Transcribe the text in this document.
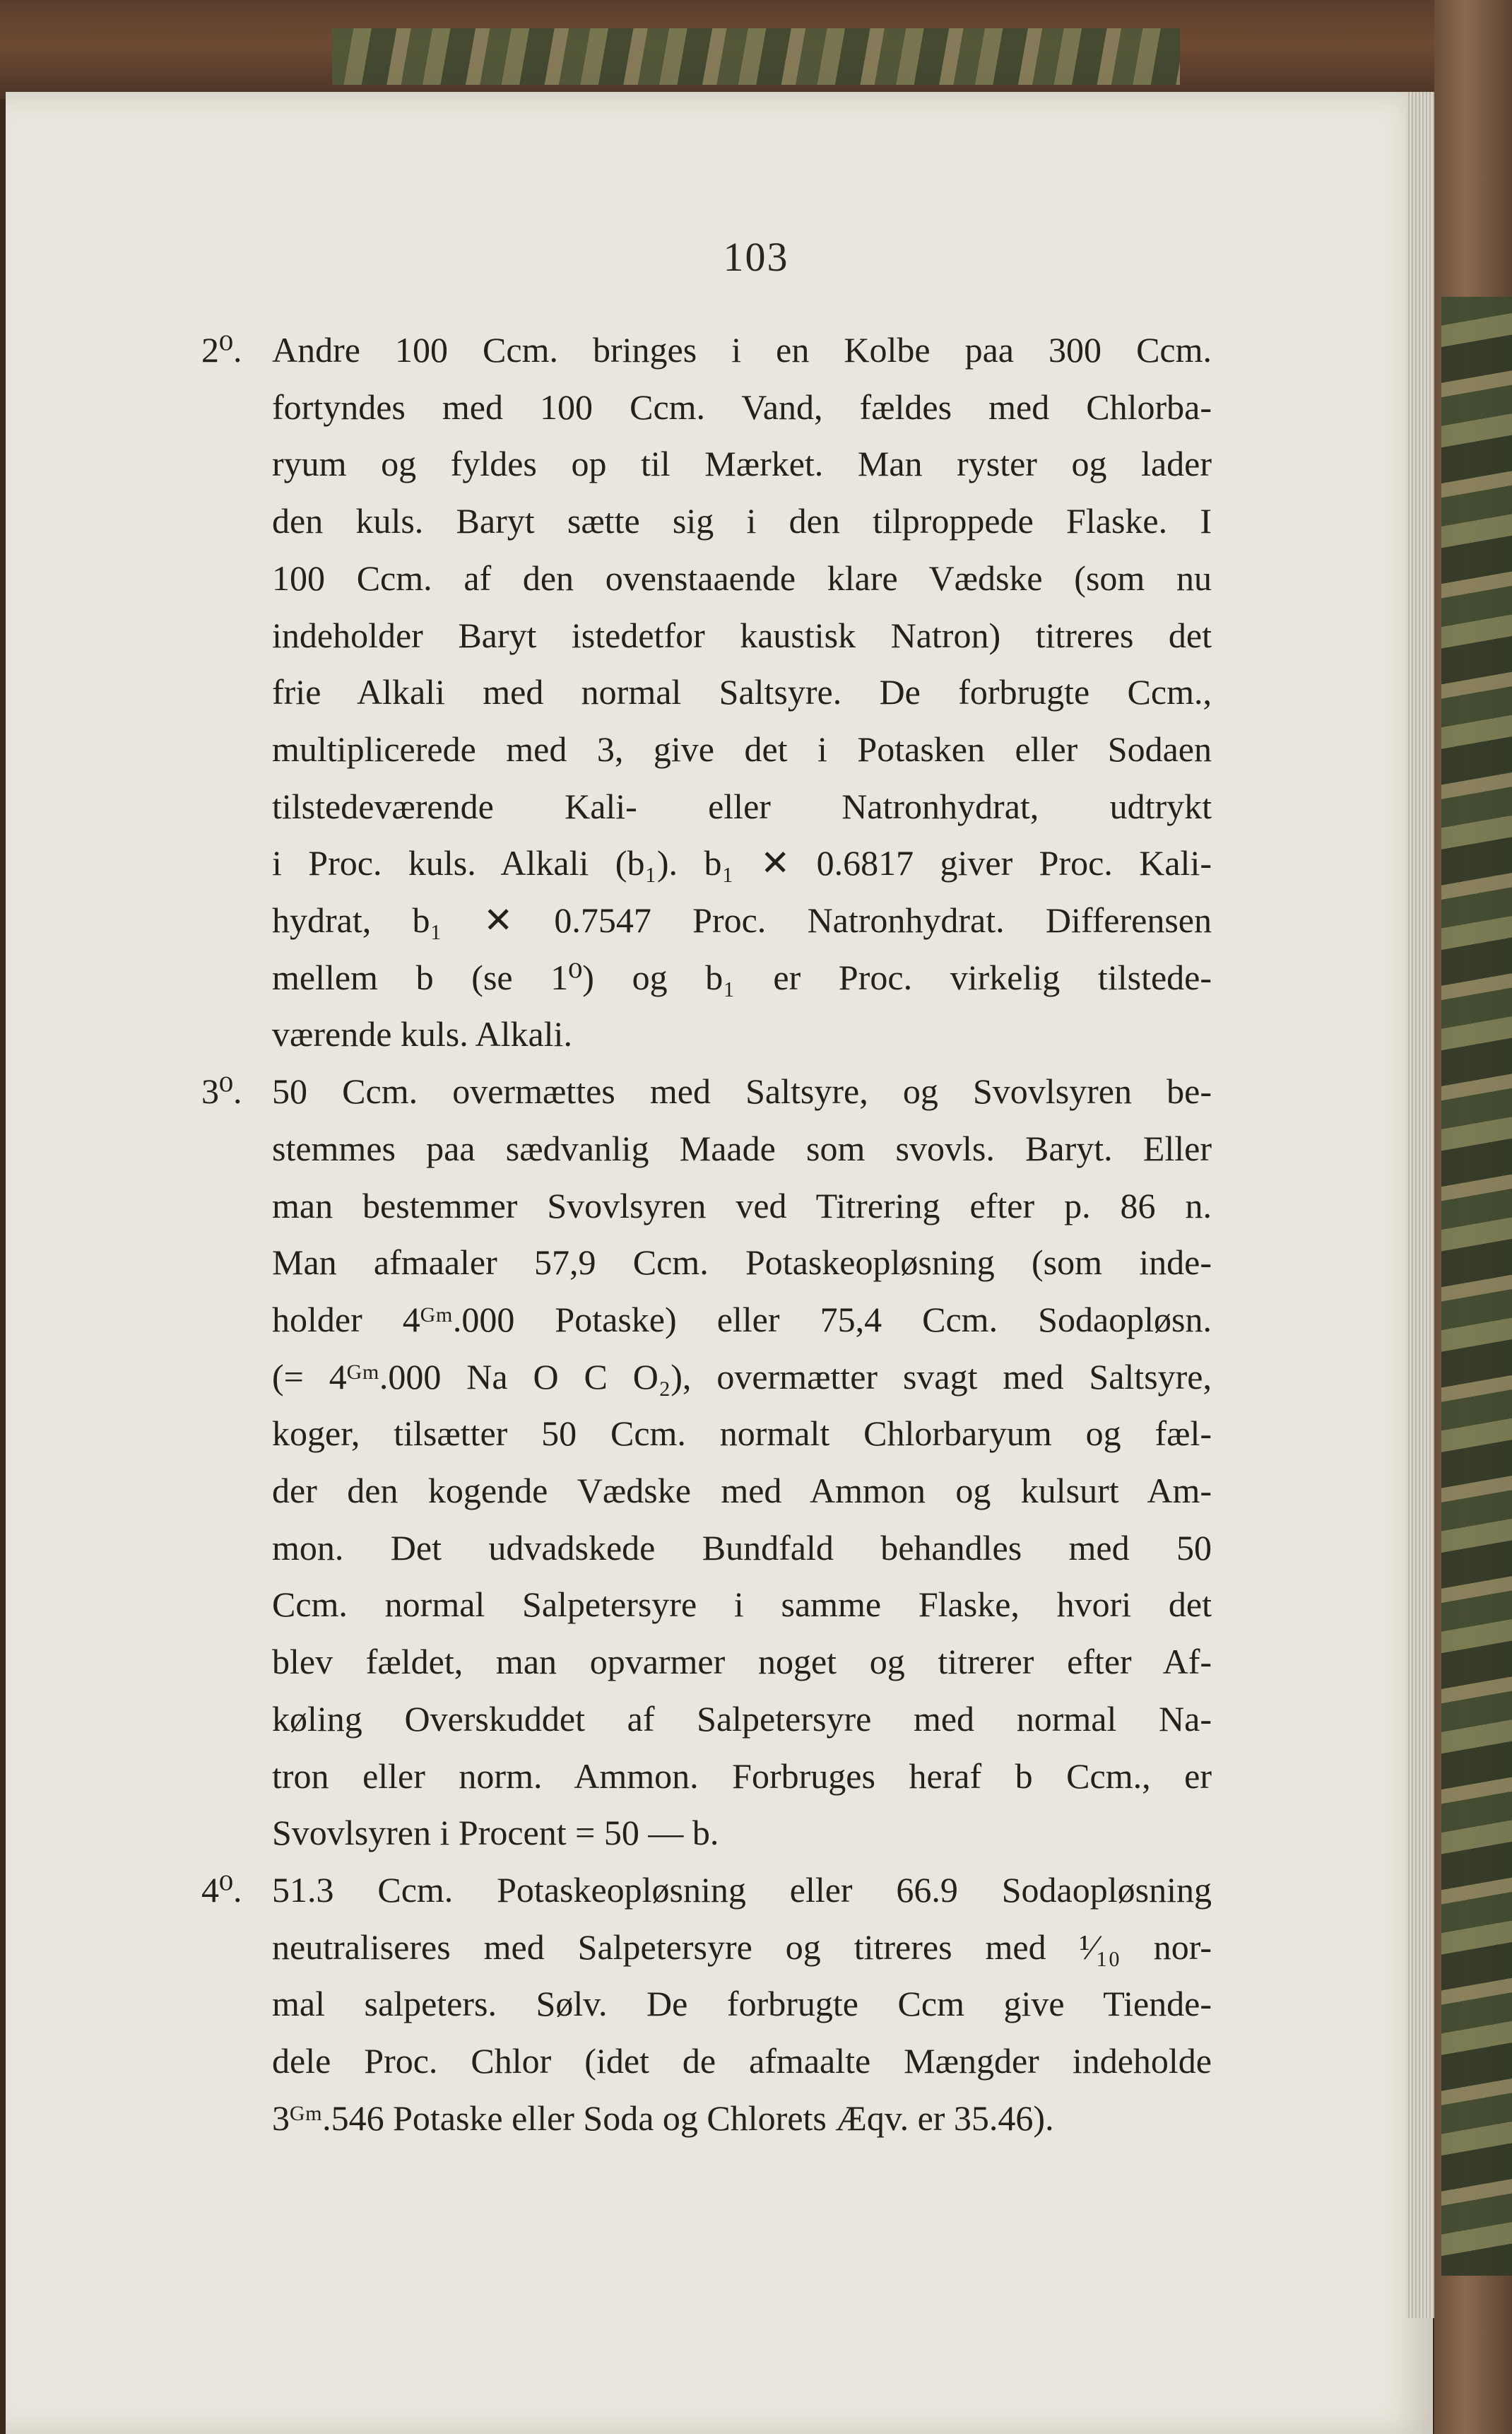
103
2⁰. Andre 100 Ccm. bringes i en Kolbe paa 300 Ccm.
fortyndes med 100 Ccm. Vand, fældes med Chlorba-
ryum og fyldes op til Mærket. Man ryster og lader
den kuls. Baryt sætte sig i den tilproppede Flaske. I
100 Ccm. af den ovenstaaende klare Vædske (som nu
indeholder Baryt istedetfor kaustisk Natron) titreres det
frie Alkali med normal Saltsyre. De forbrugte Ccm.,
multiplicerede med 3, give det i Potasken eller Sodaen
tilstedeværende Kali- eller Natronhydrat, udtrykt
i Proc. kuls. Alkali (b₁). b₁ ✕ 0.6817 giver Proc. Kali-
hydrat, b₁ ✕ 0.7547 Proc. Natronhydrat. Differensen
mellem b (se 1⁰) og b₁ er Proc. virkelig tilstede-
værende kuls. Alkali.
3⁰. 50 Ccm. overmættes med Saltsyre, og Svovlsyren be-
stemmes paa sædvanlig Maade som svovls. Baryt. Eller
man bestemmer Svovlsyren ved Titrering efter p. 86 n.
Man afmaaler 57,9 Ccm. Potaskeopløsning (som inde-
holder 4ᴳᵐ.000 Potaske) eller 75,4 Ccm. Sodaopløsn.
(= 4ᴳᵐ.000 Na O C O₂), overmætter svagt med Saltsyre,
koger, tilsætter 50 Ccm. normalt Chlorbaryum og fæl-
der den kogende Vædske med Ammon og kulsurt Am-
mon. Det udvadskede Bundfald behandles med 50
Ccm. normal Salpetersyre i samme Flaske, hvori det
blev fældet, man opvarmer noget og titrerer efter Af-
køling Overskuddet af Salpetersyre med normal Na-
tron eller norm. Ammon. Forbruges heraf b Ccm., er
Svovlsyren i Procent = 50 — b.
4⁰. 51.3 Ccm. Potaskeopløsning eller 66.9 Sodaopløsning
neutraliseres med Salpetersyre og titreres med ¹⁄₁₀ nor-
mal salpeters. Sølv. De forbrugte Ccm give Tiende-
dele Proc. Chlor (idet de afmaalte Mængder indeholde
3ᴳᵐ.546 Potaske eller Soda og Chlorets Æqv. er 35.46).
